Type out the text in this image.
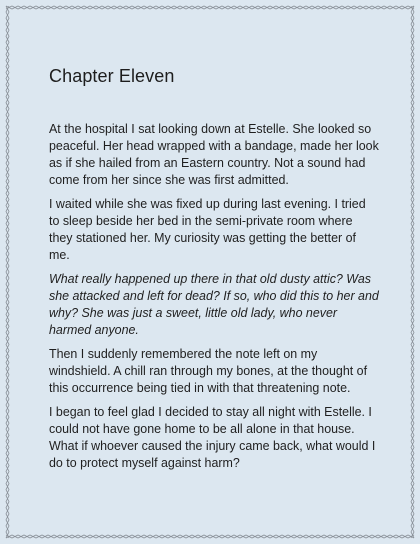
Chapter Eleven

At the hospital I sat looking down at Estelle. She looked so peaceful. Her head wrapped with a bandage, made her look as if she hailed from an Eastern country. Not a sound had come from her since she was first admitted.

I waited while she was fixed up during last evening. I tried to sleep beside her bed in the semi-private room where they stationed her. My curiosity was getting the better of me.

What really happened up there in that old dusty attic? Was she attacked and left for dead? If so, who did this to her and why? She was just a sweet, little old lady, who never harmed anyone.

Then I suddenly remembered the note left on my windshield. A chill ran through my bones, at the thought of this occurrence being tied in with that threatening note.

I began to feel glad I decided to stay all night with Estelle. I could not have gone home to be all alone in that house. What if whoever caused the injury came back, what would I do to protect myself against harm?
